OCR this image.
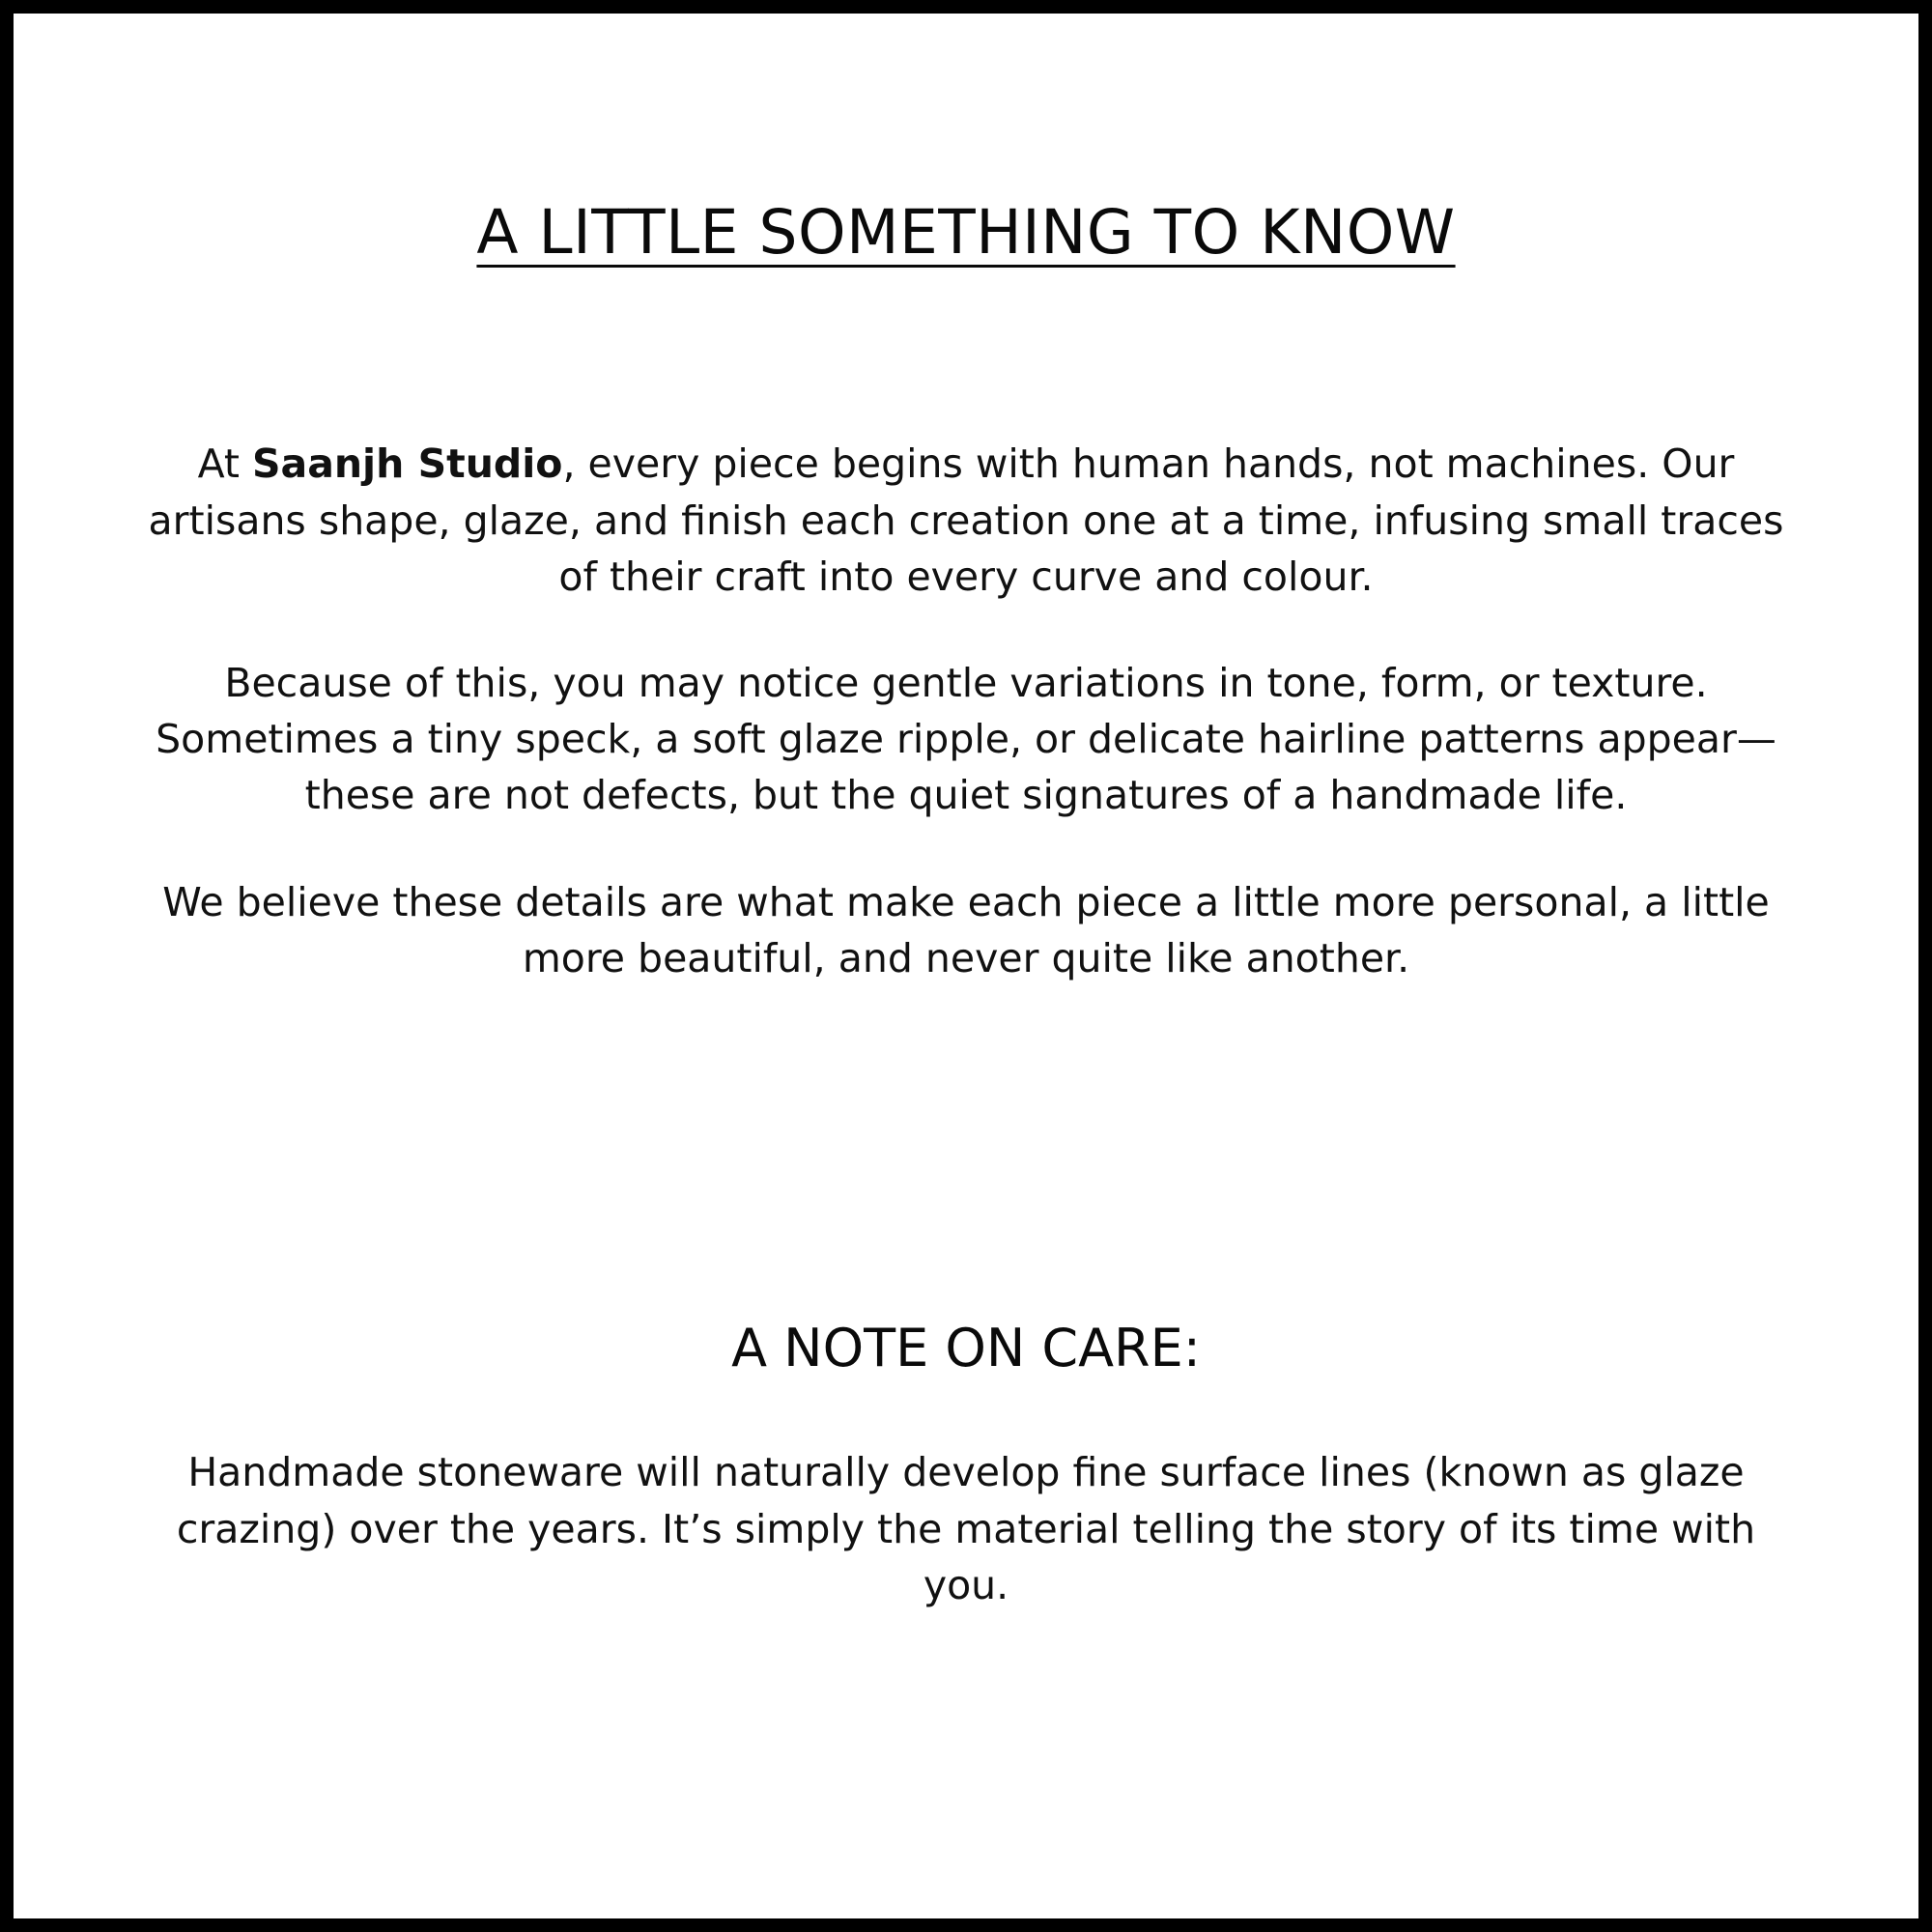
A LITTLE SOMETHING TO KNOW

At Saanjh Studio, every piece begins with human hands, not machines. Our artisans shape, glaze, and finish each creation one at a time, infusing small traces of their craft into every curve and colour.

Because of this, you may notice gentle variations in tone, form, or texture. Sometimes a tiny speck, a soft glaze ripple, or delicate hairline patterns appear—these are not defects, but the quiet signatures of a handmade life.

We believe these details are what make each piece a little more personal, a little more beautiful, and never quite like another.

A NOTE ON CARE:

Handmade stoneware will naturally develop fine surface lines (known as glaze crazing) over the years. It’s simply the material telling the story of its time with you.
